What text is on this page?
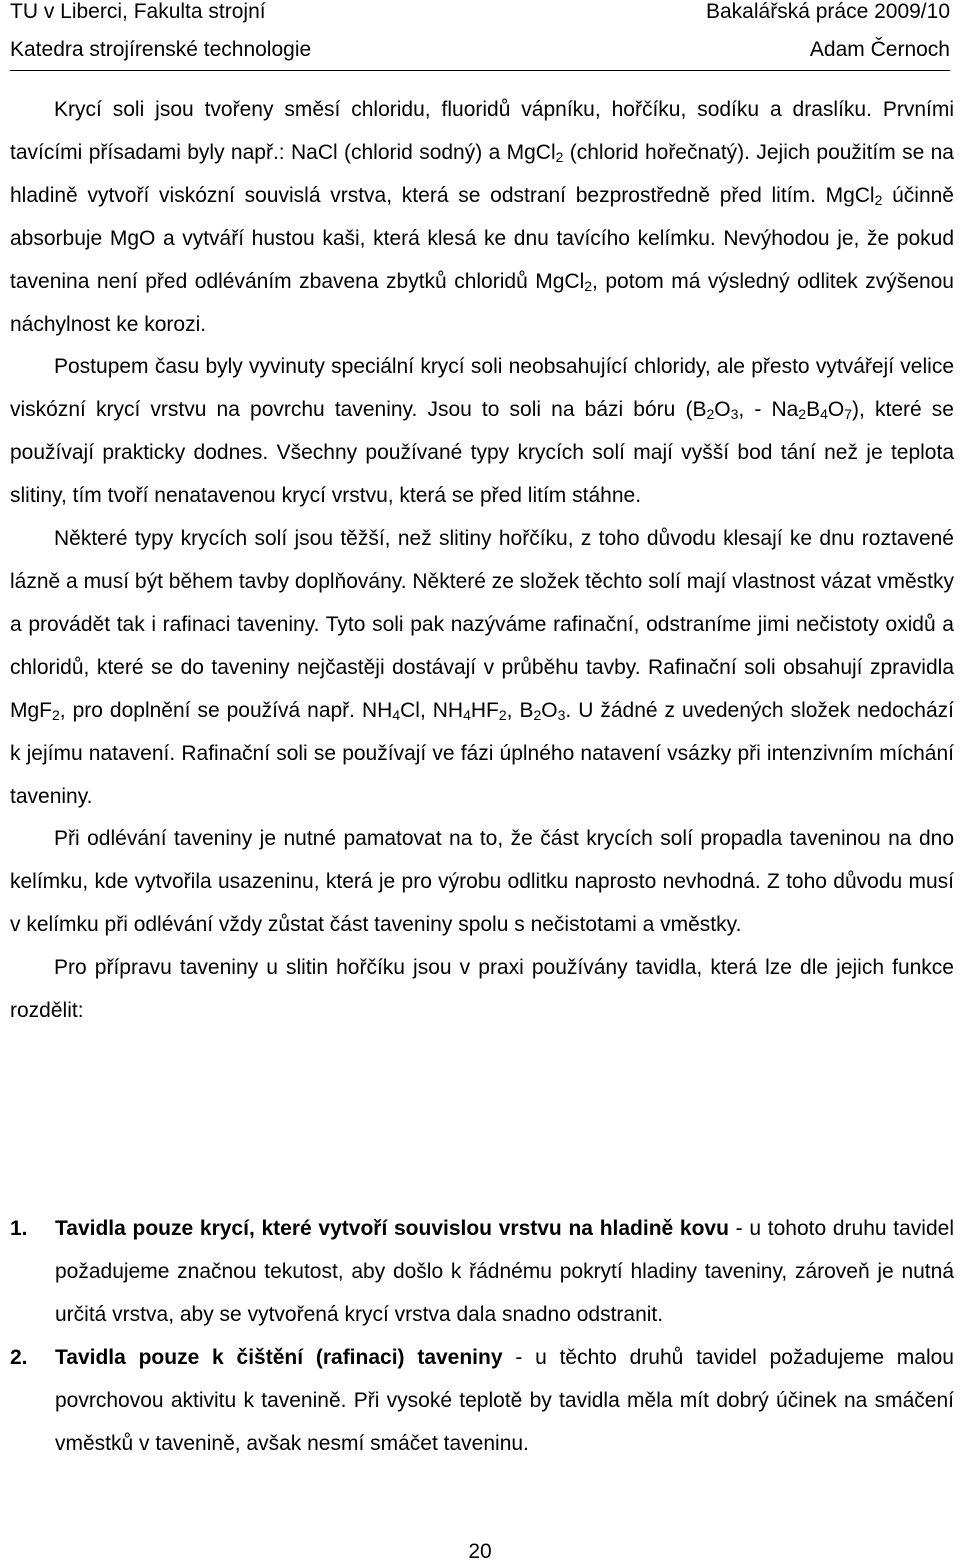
TU v Liberci, Fakulta strojní	Bakalářská práce 2009/10
Katedra strojírenské technologie	Adam Černoch

Krycí soli jsou tvořeny směsí chloridu, fluoridů vápníku, hořčíku, sodíku a draslíku. Prvními tavícími přísadami byly např.: NaCl (chlorid sodný) a MgCl$_2$ (chlorid hořečnatý). Jejich použitím se na hladině vytvoří viskózní souvislá vrstva, která se odstraní bezprostředně před litím. MgCl$_2$ účinně absorbuje MgO a vytváří hustou kaši, která klesá ke dnu tavícího kelímku. Nevýhodou je, že pokud tavenina není před odléváním zbavena zbytků chloridů MgCl$_2$, potom má výsledný odlitek zvýšenou náchylnost ke korozi.

Postupem času byly vyvinuty speciální krycí soli neobsahující chloridy, ale přesto vytvářejí velice viskózní krycí vrstvu na povrchu taveniny. Jsou to soli na bázi bóru ($B_2O_3$, - $Na_2B_4O_7$), které se používají prakticky dodnes. Všechny používané typy krycích solí mají vyšší bod tání než je teplota slitiny, tím tvoří nenatavenou krycí vrstvu, která se před litím stáhne.

Některé typy krycích solí jsou těžší, než slitiny hořčíku, z toho důvodu klesají ke dnu roztavené lázně a musí být během tavby doplňovány. Některé ze složek těchto solí mají vlastnost vázat vměstky a provádět tak i rafinaci taveniny. Tyto soli pak nazýváme rafinační, odstraníme jimi nečistoty oxidů a chloridů, které se do taveniny nejčastěji dostávají v průběhu tavby. Rafinační soli obsahují zpravidla MgF$_2$, pro doplnění se používá např. $NH_4Cl$, $NH_4HF_2$, $B_2O_3$. U žádné z uvedených složek nedochází k jejímu natavení. Rafinační soli se používají ve fázi úplného natavení vsázky při intenzivním míchání taveniny.

Při odlévání taveniny je nutné pamatovat na to, že část krycích solí propadla taveninou na dno kelímku, kde vytvořila usazeninu, která je pro výrobu odlitku naprosto nevhodná. Z toho důvodu musí v kelímku při odlévání vždy zůstat část taveniny spolu s nečistotami a vměstky.

Pro přípravu taveniny u slitin hořčíku jsou v praxi používány tavidla, která lze dle jejich funkce rozdělit:

1.	Tavidla pouze krycí, které vytvoří souvislou vrstvu na hladině kovu - u tohoto druhu tavidel požadujeme značnou tekutost, aby došlo k řádnému pokrytí hladiny taveniny, zároveň je nutná určitá vrstva, aby se vytvořená krycí vrstva dala snadno odstranit.
2.	Tavidla pouze k čištění (rafinaci) taveniny - u těchto druhů tavidel požadujeme malou povrchovou aktivitu k tavenině. Při vysoké teplotě by tavidla měla mít dobrý účinek na smáčení vměstků v tavenině, avšak nesmí smáčet taveninu.
20
